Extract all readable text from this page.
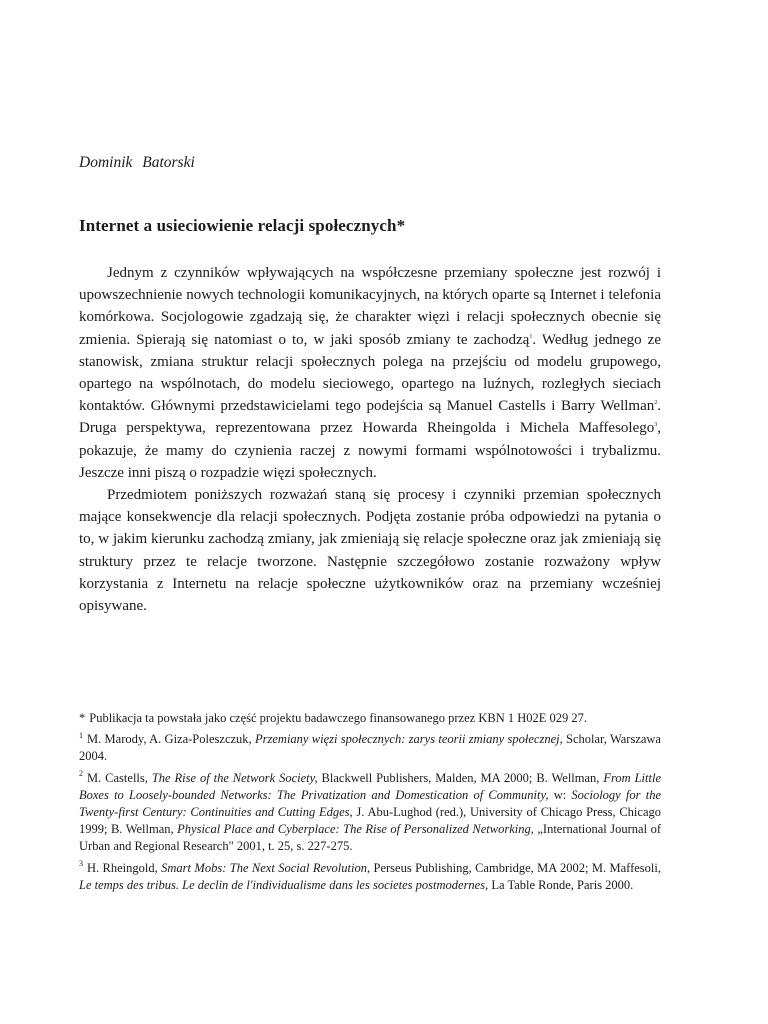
Dominik Batorski

Internet a usieciowienie relacji społecznych*

Jednym z czynników wpływających na współczesne przemiany społeczne jest rozwój i upowszechnienie nowych technologii komunikacyjnych, na których oparte są Internet i telefonia komórkowa. Socjologowie zgadzają się, że charakter więzi i relacji społecznych obecnie się zmienia. Spierają się natomiast o to, w jaki sposób zmiany te zachodzą$^1$. Według jednego ze stanowisk, zmiana struktur relacji społecznych polega na przejściu od modelu grupowego, opartego na wspólnotach, do modelu sieciowego, opartego na luźnych, rozległych sieciach kontaktów. Głównymi przedstawicielami tego podejścia są Manuel Castells i Barry Wellman$^2$. Druga perspektywa, reprezentowana przez Howarda Rheingolda i Michela Maffesolego$^3$, pokazuje, że mamy do czynienia raczej z nowymi formami wspólnotowości i trybalizmu. Jeszcze inni piszą o rozpadzie więzi społecznych.

Przedmiotem poniższych rozważań staną się procesy i czynniki przemian społecznych mające konsekwencje dla relacji społecznych. Podjęta zostanie próba odpowiedzi na pytania o to, w jakim kierunku zachodzą zmiany, jak zmieniają się relacje społeczne oraz jak zmieniają się struktury przez te relacje tworzone. Następnie szczegółowo zostanie rozważony wpływ korzystania z Internetu na relacje społeczne użytkowników oraz na przemiany wcześniej opisywane.

* Publikacja ta powstała jako część projektu badawczego finansowanego przez KBN 1 H02E 029 27.

$^1$ M. Marody, A. Giza-Poleszczuk, Przemiany więzi społecznych: zarys teorii zmiany społecznej, Scholar, Warszawa 2004.

$^2$ M. Castells, The Rise of the Network Society, Blackwell Publishers, Malden, MA 2000; B. Wellman, From Little Boxes to Loosely-bounded Networks: The Privatization and Domestication of Community, w: Sociology for the Twenty-first Century: Continuities and Cutting Edges, J. Abu-Lughod (red.), University of Chicago Press, Chicago 1999; B. Wellman, Physical Place and Cyberplace: The Rise of Personalized Networking, „International Journal of Urban and Regional Research" 2001, t. 25, s. 227-275.

$^3$ H. Rheingold, Smart Mobs: The Next Social Revolution, Perseus Publishing, Cambridge, MA 2002; M. Maffesoli, Le temps des tribus. Le declin de l'individualisme dans les societes postmodernes, La Table Ronde, Paris 2000.
